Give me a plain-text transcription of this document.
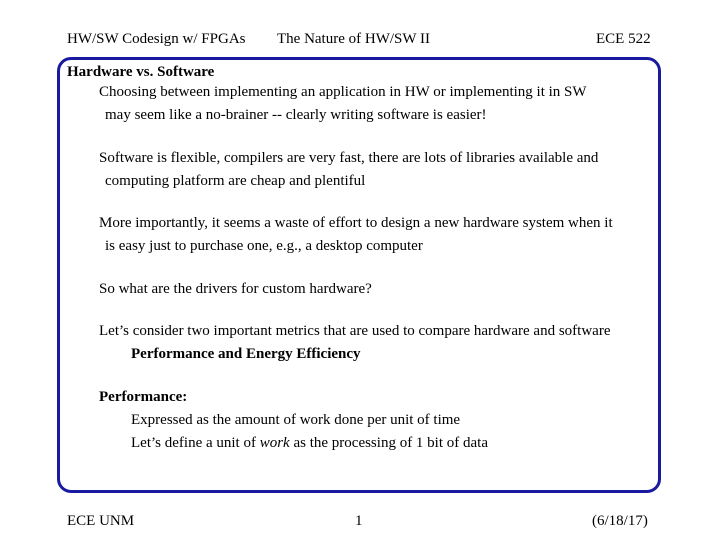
HW/SW Codesign w/ FPGAs The Nature of HW/SW II	ECE 522
Hardware vs. Software
Choosing between implementing an application in HW or implementing it in SW
may seem like a no-brainer -- clearly writing software is easier!
Software is flexible, compilers are very fast, there are lots of libraries available and
computing platform are cheap and plentiful
More importantly, it seems a waste of effort to design a new hardware system when it
is easy just to purchase one, e.g., a desktop computer
So what are the drivers for custom hardware?
Let’s consider two important metrics that are used to compare hardware and software
Performance and Energy Efficiency
Performance:
Expressed as the amount of work done per unit of time
Let’s define a unit of work as the processing of 1 bit of data
ECE UNM	1	(6/18/17)
